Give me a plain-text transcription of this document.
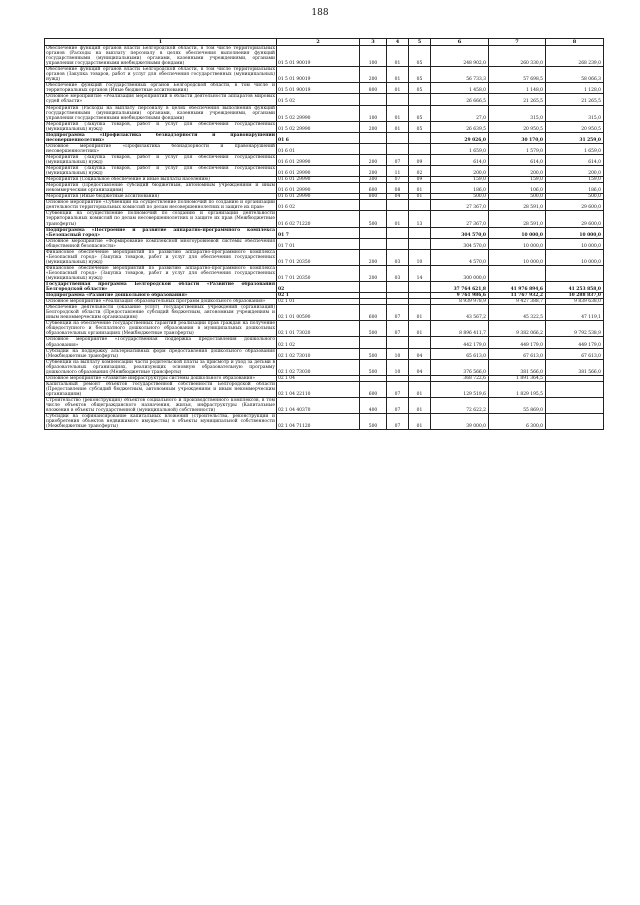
188
1	2	3	4	5	6	7	8
Обеспечение функций органов власти Белгородской области, в том числе территориальных органов (Расходы на выплату персоналу в целях обеспечения выполнения функций государственными (муниципальными) органами, казенными учреждениями, органами управления государственными внебюджетными фондами)	01 5 01 90019	100	01	05	248 902,0	260 330,0	268 239,0
Обеспечение функций органов власти Белгородской области, в том числе территориальных органов (Закупка товаров, работ и услуг для обеспечения государственных (муниципальных) нужд)	01 5 01 90019	200	01	05	56 733,3	57 698,5	58 066,3
Обеспечение функций государственных органов Белгородской области, в том числе и территориальных органов (Иные бюджетные ассигнования)	01 5 01 90019	800	01	05	1 458,0	1 148,0	1 128,0
Основное мероприятие «Реализация мероприятий в области деятельности аппаратов мировых судей области»	01 5 02				26 666,5	21 265,5	21 265,5
Мероприятия (Расходы на выплату персоналу в целях обеспечения выполнения функций государственными (муниципальными) органами, казенными учреждениями, органами управления государственными внебюджетными фондами)	01 5 02 29990	100	01	05	27,0	315,0	315,0
Мероприятия (Закупка товаров, работ и услуг для обеспечения государственных (муниципальных) нужд)	01 5 02 29990	200	01	05	26 639,5	20 950,5	20 950,5
Подпрограмма «Профилактика безнадзорности и правонарушений несовершеннолетних»	01 6				29 026,0	30 170,0	31 259,0
Основное мероприятие «Профилактика безнадзорности и правонарушений несовершеннолетних»	01 6 01				1 659,0	1 579,0	1 659,0
Мероприятия (Закупка товаров, работ и услуг для обеспечения государственных (муниципальных) нужд)	01 6 01 29990	200	07	09	614,0	614,0	614,0
Мероприятия (Закупка товаров, работ и услуг для обеспечения государственных (муниципальных) нужд)	01 6 01 29990	200	11	02	200,0	200,0	200,0
Мероприятия (Социальное обеспечение и иные выплаты населению)	01 6 01 29990	300	07	09	159,0	159,0	159,0
Мероприятия (Предоставление субсидий бюджетным, автономным учреждениям и иным некоммерческим организациям)	01 6 01 29990	600	08	01	186,0	106,0	186,0
Мероприятия (Иные бюджетные ассигнования)	01 6 01 29990	800	04	01	500,0	500,0	500,0
Основное мероприятие «Субвенции на осуществление полномочий по созданию и организации деятельности территориальных комиссий по делам несовершеннолетних и защите их прав»	01 6 02				27 367,0	28 591,0	29 600,0
Субвенции на осуществление полномочий по созданию и организации деятельности территориальных комиссий по делам несовершеннолетних и защите их прав (Межбюджетные трансферты)	01 6 02 71220	500	01	13	27 367,0	28 591,0	29 600,0
Подпрограмма «Построение и развитие аппаратно-программного комплекса «Безопасный город»	01 7				304 570,0	10 000,0	10 000,0
Основное мероприятие «Формирование комплексной многоуровневой системы обеспечения общественной безопасности»	01 7 01				304 570,0	10 000,0	10 000,0
Финансовое обеспечение мероприятий по развитию аппаратно-программного комплекса «Безопасный город» (Закупка товаров, работ и услуг для обеспечения государственных (муниципальных) нужд)	01 7 01 20350	200	03	10	4 570,0	10 000,0	10 000,0
Финансовое обеспечение мероприятий по развитию аппаратно-программного комплекса «Безопасный город» (Закупка товаров, работ и услуг для обеспечения государственных (муниципальных) нужд)	01 7 01 20350	200	03	14	300 000,0		
Государственная программа Белгородской области «Развитие образования Белгородской области»	02				37 764 621,8	41 976 894,6	41 253 858,0
Подпрограмма «Развитие дошкольного образования»	02 1				9 761 986,6	11 767 932,2	10 288 837,0
Основное мероприятие «Реализация образовательных программ дошкольного образования»	02 1 01				8 939 978,9	9 427 388,7	9 839 638,0
Обеспечение деятельности (оказание услуг) государственных учреждений (организаций) Белгородской области (Предоставление субсидий бюджетным, автономным учреждениям и иным некоммерческим организациям)	02 1 01 00590	600	07	01	43 567,2	45 322,5	47 119,1
Субвенции на обеспечение государственных гарантий реализации прав граждан на получение общедоступного и бесплатного дошкольного образования в муниципальных дошкольных образовательных организациях (Межбюджетные трансферты)	02 1 01 73020	500	07	01	8 896 411,7	9 382 066,2	9 792 538,9
Основное мероприятие «Государственная поддержка предоставления дошкольного образования»	02 1 02				442 179,0	449 179,0	449 179,0
Субсидии на поддержку альтернативных форм предоставления дошкольного образования (Межбюджетные трансферты)	02 1 02 73010	500	10	04	65 613,0	67 613,0	67 613,0
Субвенции на выплату компенсации части родительской платы за присмотр и уход за детьми в образовательных организациях, реализующих основную образовательную программу дошкольного образования (Межбюджетные трансферты)	02 1 02 73030	500	10	04	376 566,0	381 566,0	381 566,0
Основное мероприятие «Развитие инфраструктуры системы дошкольного образования»	02 1 04				368 722,6	1 891 364,5	
Капитальный ремонт объектов государственной собственности Белгородской области (Предоставление субсидий бюджетным, автономным учреждениям и иным некоммерческим организациям)	02 1 04 22110	600	07	01	129 519,6	1 829 195,5	
Строительство (реконструкция) объектов социального и производственного комплексов, в том числе объектов общегражданского назначения, жилья, инфраструктуры (Капитальные вложения в объекты государственной (муниципальной) собственности)	02 1 04 40370	400	07	01	72 622,2	55 869,0	
Субсидии на софинансирование капитальных вложений (строительства, реконструкции и приобретения объектов недвижимого имущества) в объекты муниципальной собственности (Межбюджетные трансферты)	02 1 04 71120	500	07	01	39 000,0	6 300,0	
